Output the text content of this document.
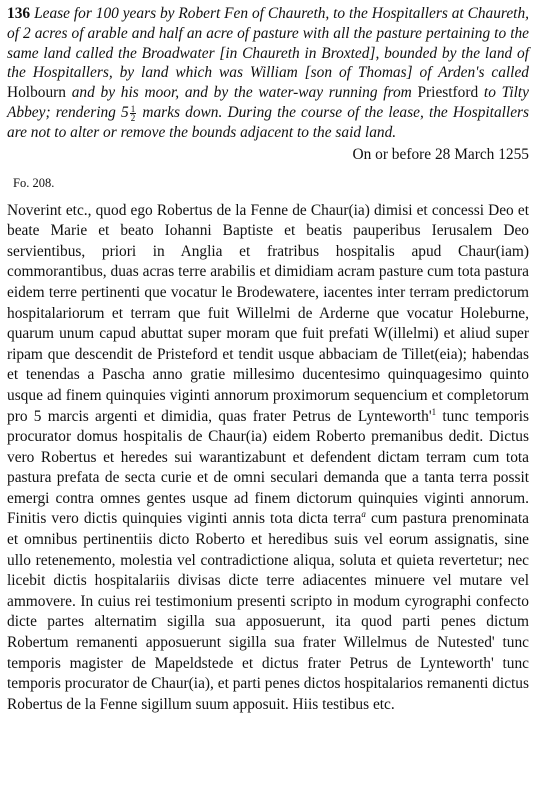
136 Lease for 100 years by Robert Fen of Chaureth, to the Hospitallers at Chaureth, of 2 acres of arable and half an acre of pasture with all the pasture pertaining to the same land called the Broadwater [in Chaureth in Broxted], bounded by the land of the Hospitallers, by land which was William [son of Thomas] of Arden's called Holbourn and by his moor, and by the water-way running from Priestford to Tilty Abbey; rendering $5 \frac{1}{2}$ marks down. During the course of the lease, the Hospitallers are not to alter or remove the bounds adjacent to the said land.

On or before 28 March 1255

Fo. 208.

Noverint etc., quod ego Robertus de la Fenne de Chaur(ia) dimisi et concessi Deo et beate Marie et beato Iohanni Baptiste et beatis pauperibus Ierusalem Deo servientibus, priori in Anglia et fratribus hospitalis apud Chaur(iam) commorantibus, duas acras terre arabilis et dimidiam acram pasture cum tota pastura eidem terre pertinenti que vocatur le Brodewatere, iacentes inter terram predictorum hospitalariorum et terram que fuit Willelmi de Arderne que vocatur Holeburne, quarum unum capud abuttat super moram que fuit prefati W(illelmi) et aliud super ripam que descendit de Pristeford et tendit usque abbaciam de Tillet(eia); habendas et tenendas a Pascha anno gratie millesimo ducentesimo quinquagesimo quinto usque ad finem quinquies viginti annorum proximorum sequencium et completorum pro 5 marcis argenti et dimidia, quas frater Petrus de $Lynteworth'^1$ tunc temporis procurator domus hospitalis de Chaur(ia) eidem Roberto premanibus dedit. Dictus vero Robertus et heredes sui warantizabunt et defendent dictam terram cum tota pastura prefata de secta curie et de omni seculari demanda que a tanta terra possit emergi contra omnes gentes usque ad finem dictorum quinquies viginti annorum. Finitis vero dictis quinquies viginti annis tota dicta terra$^a$ cum pastura prenominata et omnibus pertinentiis dicto Roberto et heredibus suis vel eorum assignatis, sine ullo retenemento, molestia vel contradictione aliqua, soluta et quieta revertetur; nec licebit dictis hospitalariis divisas dicte terre adiacentes minuere vel mutare vel ammovere. In cuius rei testimonium presenti scripto in modum cyrographi confecto dicte partes alternatim sigilla sua apposuerunt, ita quod parti penes dictum Robertum remanenti apposuerunt sigilla sua frater Willelmus de Nutested' tunc temporis magister de Mapeldstede et dictus frater Petrus de Lynteworth' tunc temporis procurator de Chaur(ia), et parti penes dictos hospitalarios remanenti dictus Robertus de la Fenne sigillum suum apposuit. Hiis testibus etc.
